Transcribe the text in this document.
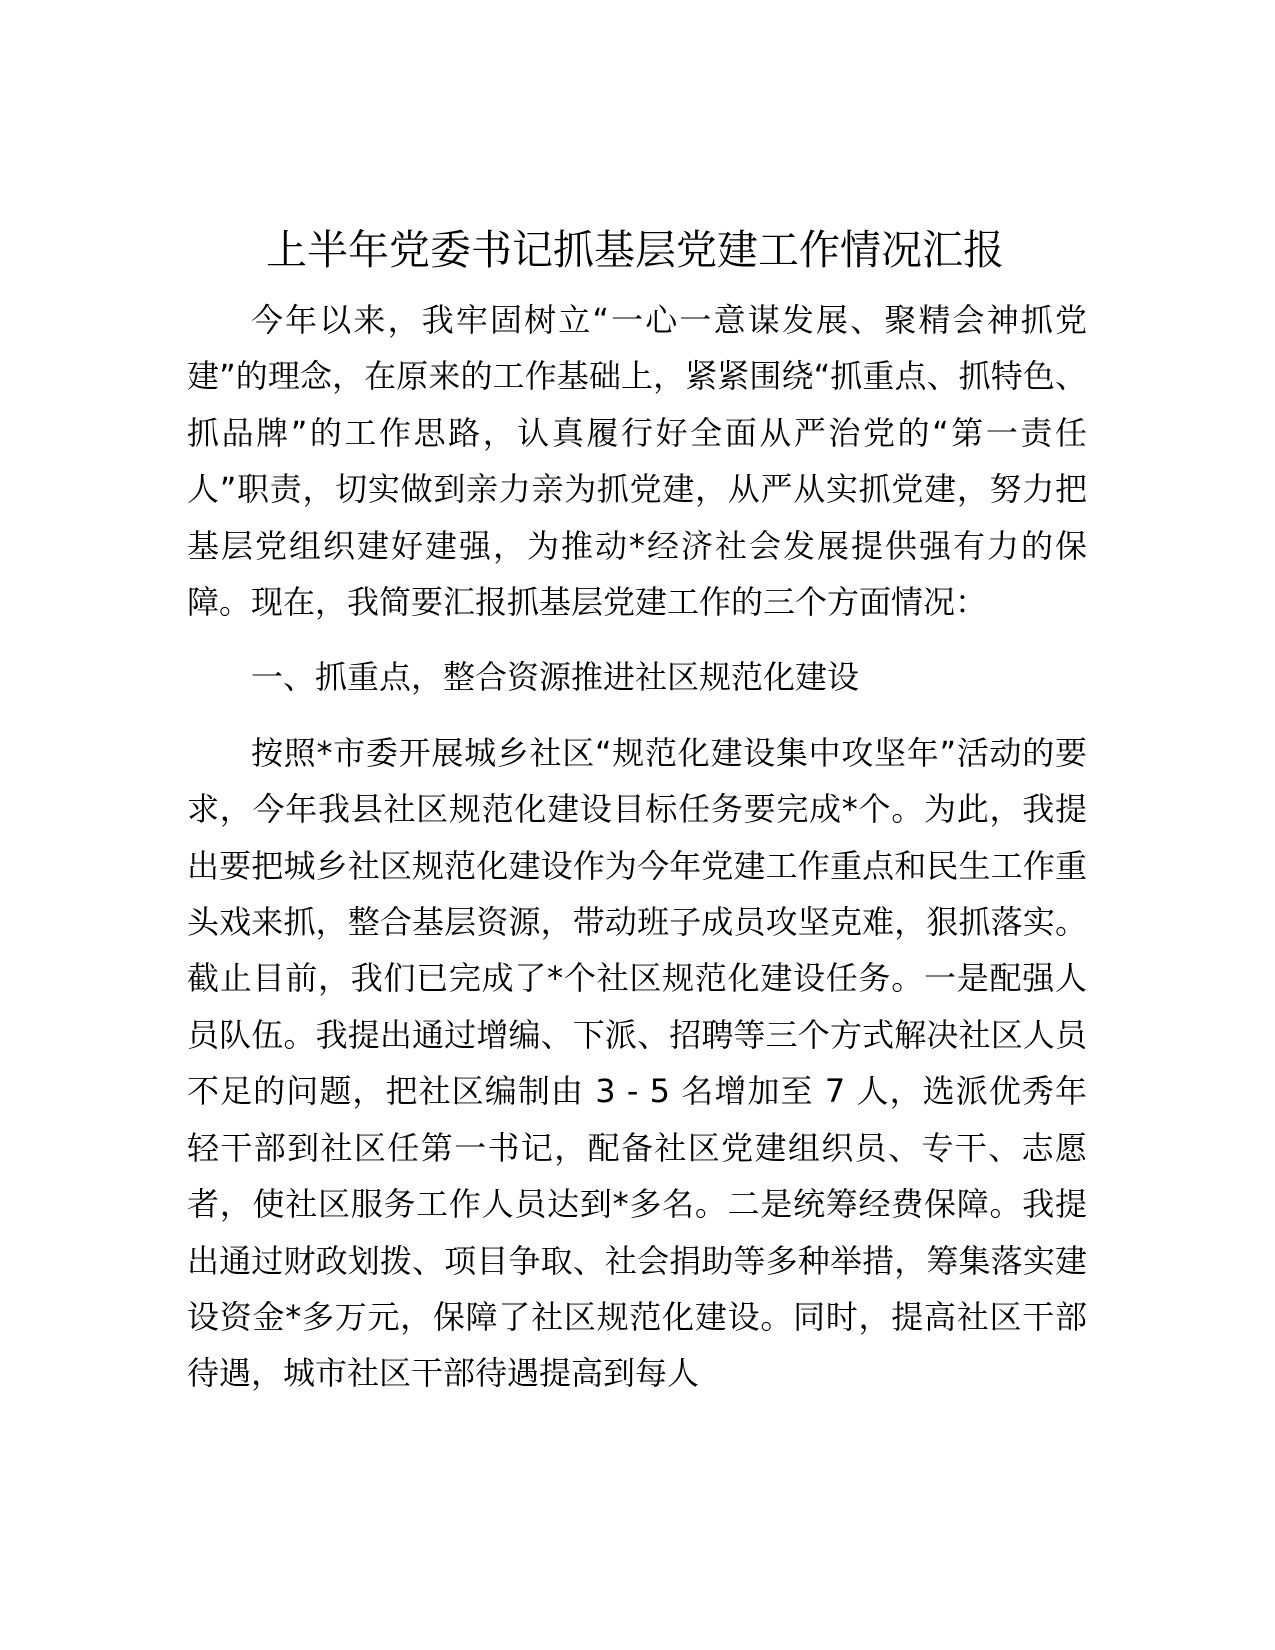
上半年党委书记抓基层党建工作情况汇报

今年以来，我牢固树立“一心一意谋发展、聚精会神抓党建”的理念，在原来的工作基础上，紧紧围绕“抓重点、抓特色、抓品牌”的工作思路，认真履行好全面从严治党的“第一责任人”职责，切实做到亲力亲为抓党建，从严从实抓党建，努力把基层党组织建好建强，为推动*经济社会发展提供强有力的保障。现在，我简要汇报抓基层党建工作的三个方面情况：

一、抓重点，整合资源推进社区规范化建设

按照*市委开展城乡社区“规范化建设集中攻坚年”活动的要求，今年我县社区规范化建设目标任务要完成*个。为此，我提出要把城乡社区规范化建设作为今年党建工作重点和民生工作重头戏来抓，整合基层资源，带动班子成员攻坚克难，狠抓落实。截止目前，我们已完成了*个社区规范化建设任务。一是配强人员队伍。我提出通过增编、下派、招聘等三个方式解决社区人员不足的问题，把社区编制由 3 - 5 名增加至 7 人，选派优秀年轻干部到社区任第一书记，配备社区党建组织员、专干、志愿者，使社区服务工作人员达到*多名。二是统筹经费保障。我提出通过财政划拨、项目争取、社会捐助等多种举措，筹集落实建设资金*多万元，保障了社区规范化建设。同时，提高社区干部待遇，城市社区干部待遇提高到每人
